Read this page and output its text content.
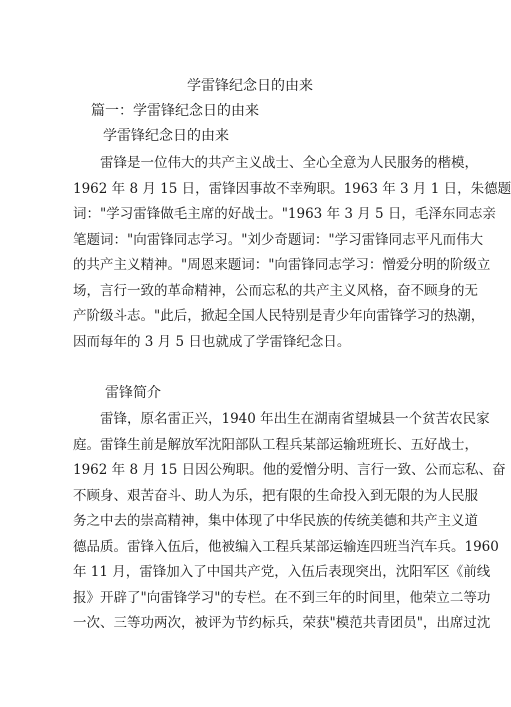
学雷锋纪念日的由来
篇一：学雷锋纪念日的由来
学雷锋纪念日的由来
　　雷锋是一位伟大的共产主义战士、全心全意为人民服务的楷模，
1962 年 8 月 15 日，雷锋因事故不幸殉职。1963 年 3 月 1 日，朱德题
词："学习雷锋做毛主席的好战士。"1963 年 3 月 5 日，毛泽东同志亲
笔题词："向雷锋同志学习。"刘少奇题词："学习雷锋同志平凡而伟大
的共产主义精神。"周恩来题词："向雷锋同志学习：憎爱分明的阶级立
场，言行一致的革命精神，公而忘私的共产主义风格，奋不顾身的无
产阶级斗志。"此后，掀起全国人民特别是青少年向雷锋学习的热潮，
因而每年的 3 月 5 日也就成了学雷锋纪念日。
雷锋简介
　　雷锋，原名雷正兴，1940 年出生在湖南省望城县一个贫苦农民家
庭。雷锋生前是解放军沈阳部队工程兵某部运输班班长、五好战士，
1962 年 8 月 15 日因公殉职。他的爱憎分明、言行一致、公而忘私、奋
不顾身、艰苦奋斗、助人为乐，把有限的生命投入到无限的为人民服
务之中去的崇高精神，集中体现了中华民族的传统美德和共产主义道
德品质。雷锋入伍后，他被编入工程兵某部运输连四班当汽车兵。1960
年 11 月，雷锋加入了中国共产党，入伍后表现突出，沈阳军区《前线
报》开辟了"向雷锋学习"的专栏。在不到三年的时间里，他荣立二等功
一次、三等功两次，被评为节约标兵，荣获"模范共青团员"，出席过沈
